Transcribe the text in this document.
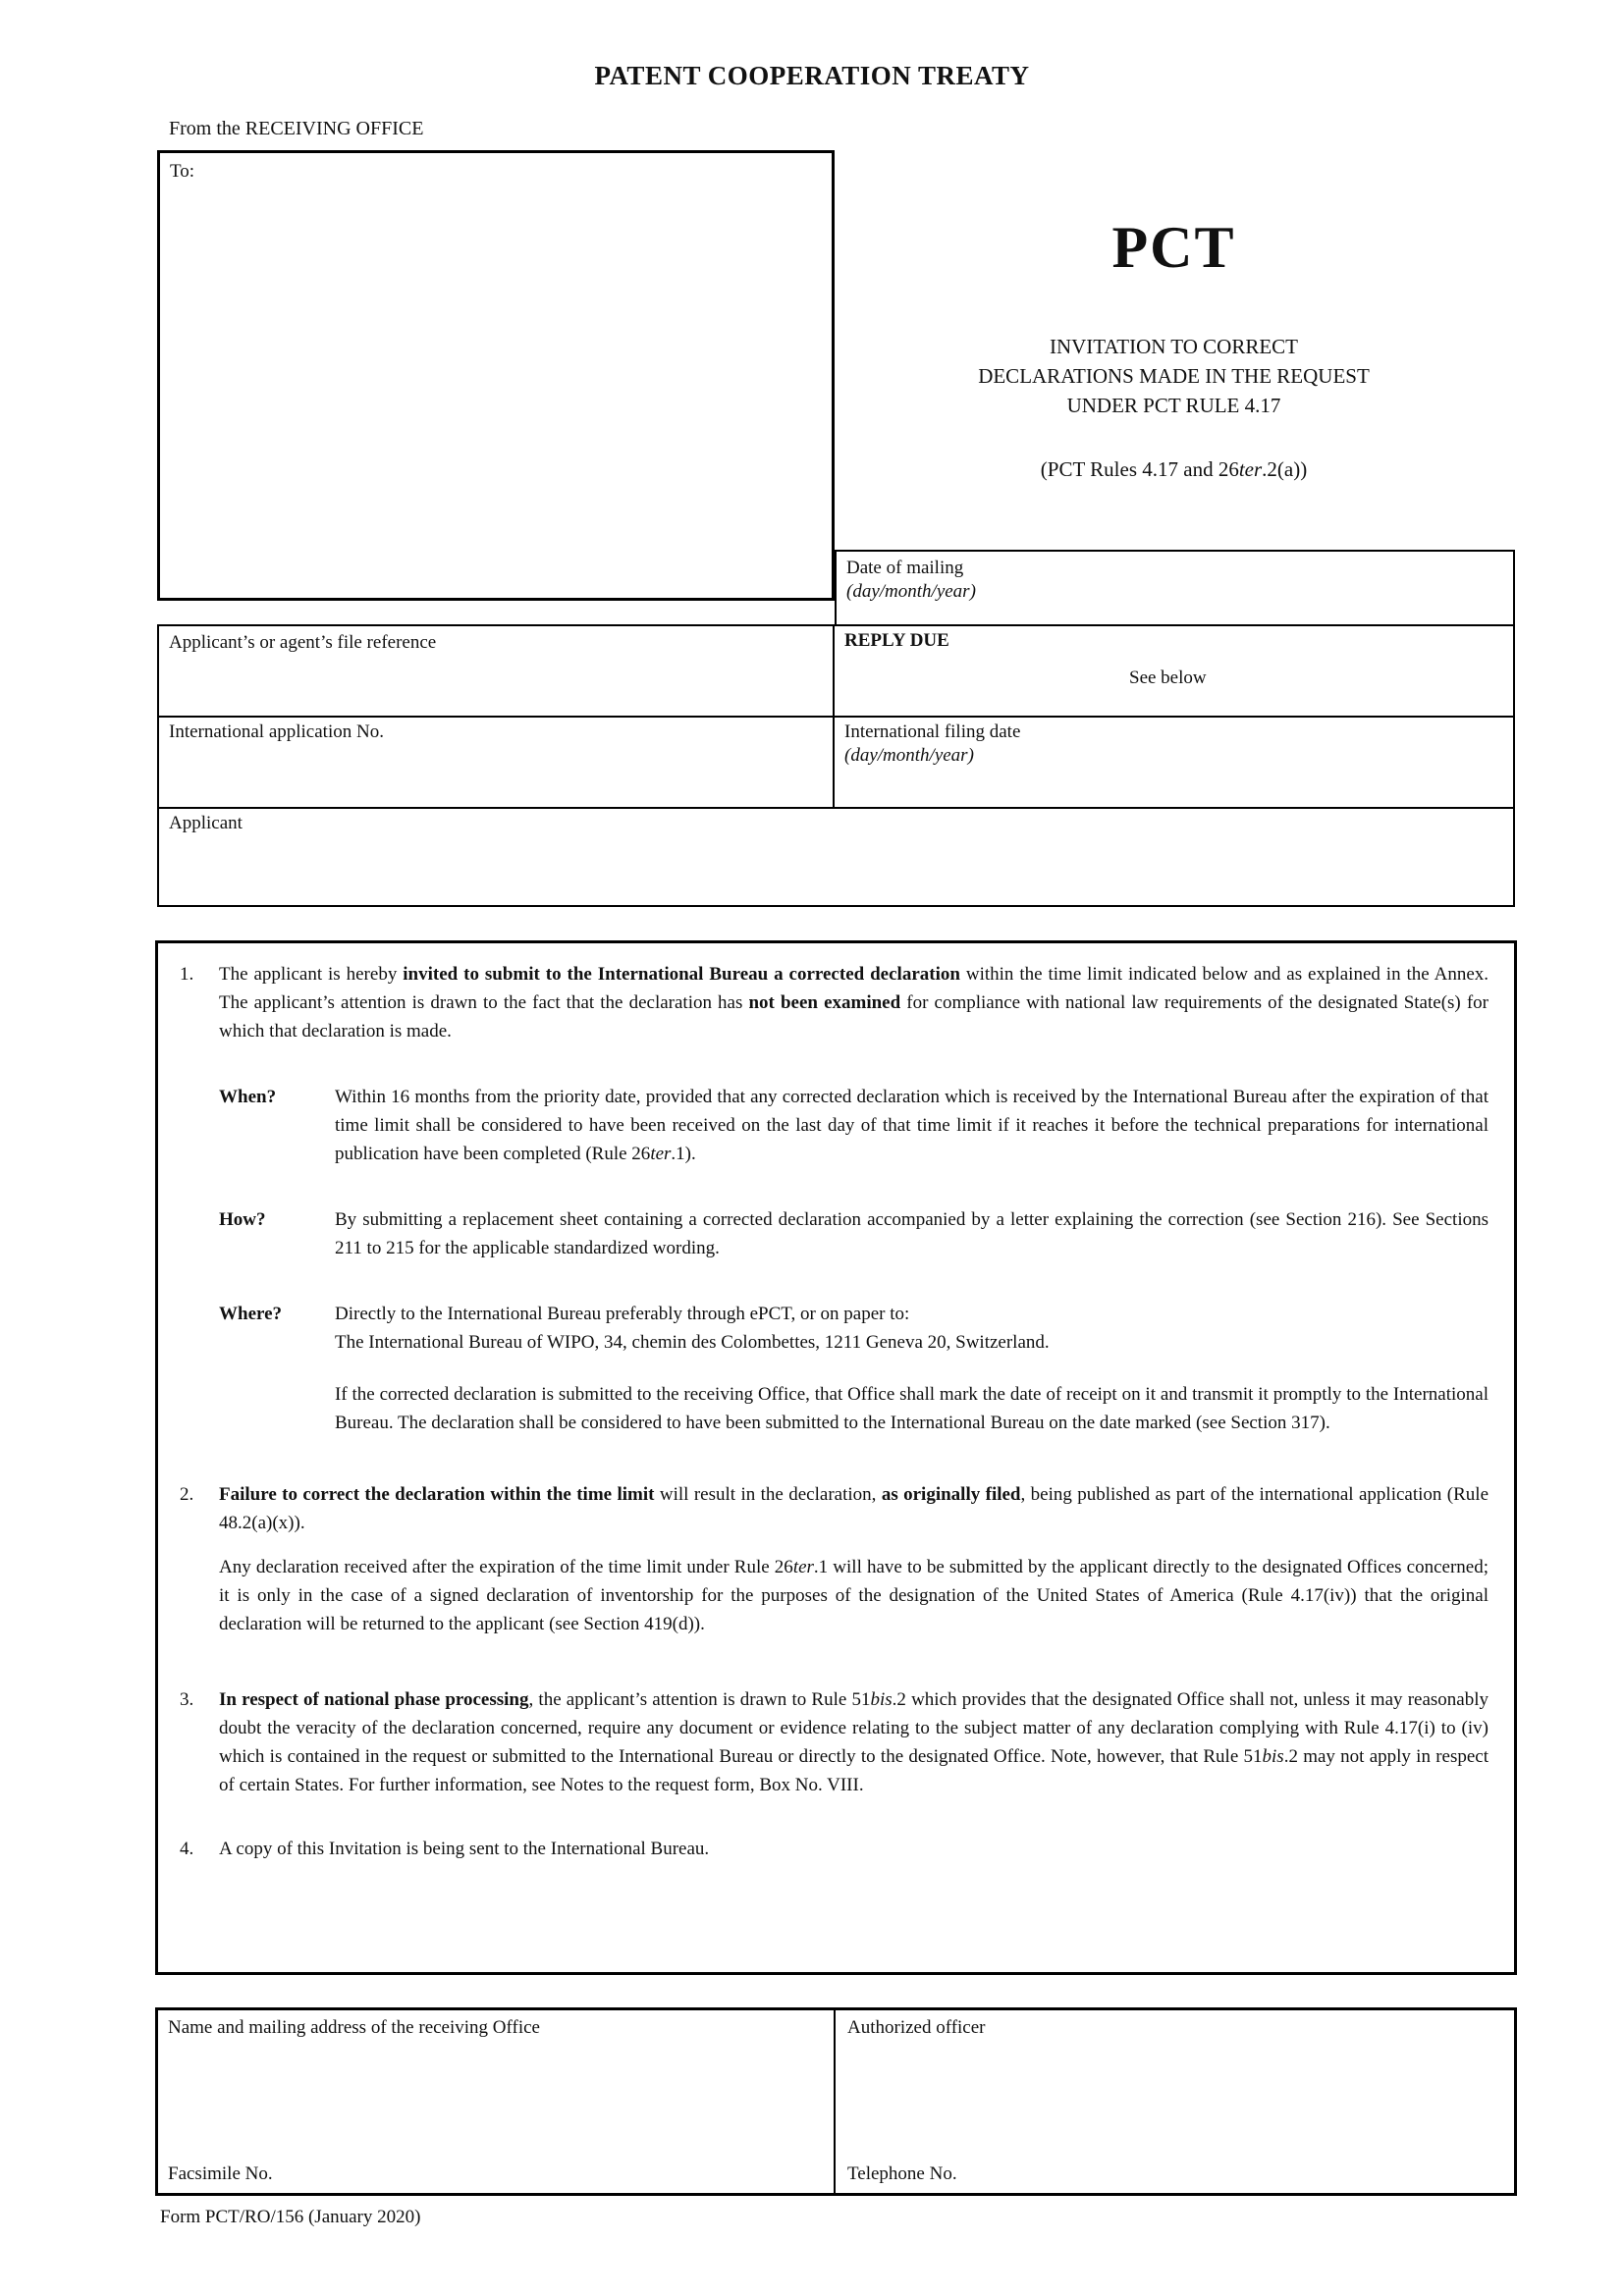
PATENT COOPERATION TREATY
From the RECEIVING OFFICE
To:
PCT
INVITATION TO CORRECT
DECLARATIONS MADE IN THE REQUEST
UNDER PCT RULE 4.17
(PCT Rules 4.17 and 26ter.2(a))
Date of mailing
(day/month/year)
Applicant’s or agent’s file reference	REPLY DUE
See below
International application No.	International filing date
(day/month/year)
Applicant
1.	The applicant is hereby invited to submit to the International Bureau a corrected declaration within the time limit indicated below and as explained in the Annex. The applicant’s attention is drawn to the fact that the declaration has not been examined for compliance with national law requirements of the designated State(s) for which that declaration is made.
When?	Within 16 months from the priority date, provided that any corrected declaration which is received by the International Bureau after the expiration of that time limit shall be considered to have been received on the last day of that time limit if it reaches it before the technical preparations for international publication have been completed (Rule 26ter.1).
How?	By submitting a replacement sheet containing a corrected declaration accompanied by a letter explaining the correction (see Section 216). See Sections 211 to 215 for the applicable standardized wording.
Where?	Directly to the International Bureau preferably through ePCT, or on paper to:
The International Bureau of WIPO, 34, chemin des Colombettes, 1211 Geneva 20, Switzerland.
If the corrected declaration is submitted to the receiving Office, that Office shall mark the date of receipt on it and transmit it promptly to the International Bureau. The declaration shall be considered to have been submitted to the International Bureau on the date marked (see Section 317).
2.	Failure to correct the declaration within the time limit will result in the declaration, as originally filed, being published as part of the international application (Rule 48.2(a)(x)).
Any declaration received after the expiration of the time limit under Rule 26ter.1 will have to be submitted by the applicant directly to the designated Offices concerned; it is only in the case of a signed declaration of inventorship for the purposes of the designation of the United States of America (Rule 4.17(iv)) that the original declaration will be returned to the applicant (see Section 419(d)).
3.	In respect of national phase processing, the applicant’s attention is drawn to Rule 51bis.2 which provides that the designated Office shall not, unless it may reasonably doubt the veracity of the declaration concerned, require any document or evidence relating to the subject matter of any declaration complying with Rule 4.17(i) to (iv) which is contained in the request or submitted to the International Bureau or directly to the designated Office. Note, however, that Rule 51bis.2 may not apply in respect of certain States. For further information, see Notes to the request form, Box No. VIII.
4.	A copy of this Invitation is being sent to the International Bureau.
Name and mailing address of the receiving Office
Facsimile No.
Authorized officer
Telephone No.
Form PCT/RO/156 (January 2020)
